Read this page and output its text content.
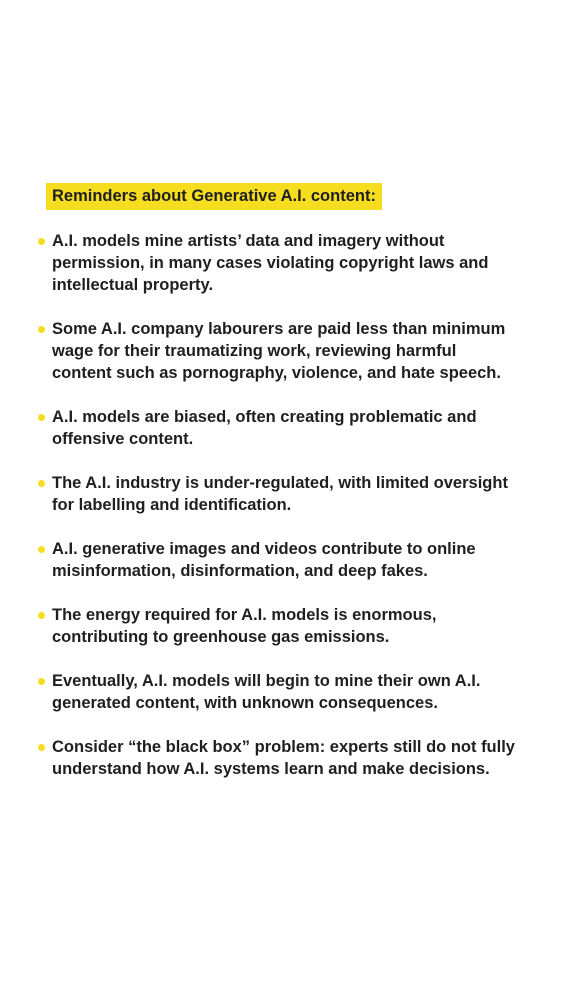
Reminders about Generative A.I. content:
A.I. models mine artists’ data and imagery without permission, in many cases violating copyright laws and intellectual property.
Some A.I. company labourers are paid less than minimum wage for their traumatizing work, reviewing harmful content such as pornography, violence, and hate speech.
A.I. models are biased, often creating problematic and offensive content.
The A.I. industry is under-regulated, with limited oversight for labelling and identification.
A.I. generative images and videos contribute to online misinformation, disinformation, and deep fakes.
The energy required for A.I. models is enormous, contributing to greenhouse gas emissions.
Eventually, A.I. models will begin to mine their own A.I. generated content, with unknown consequences.
Consider “the black box” problem: experts still do not fully understand how A.I. systems learn and make decisions.
